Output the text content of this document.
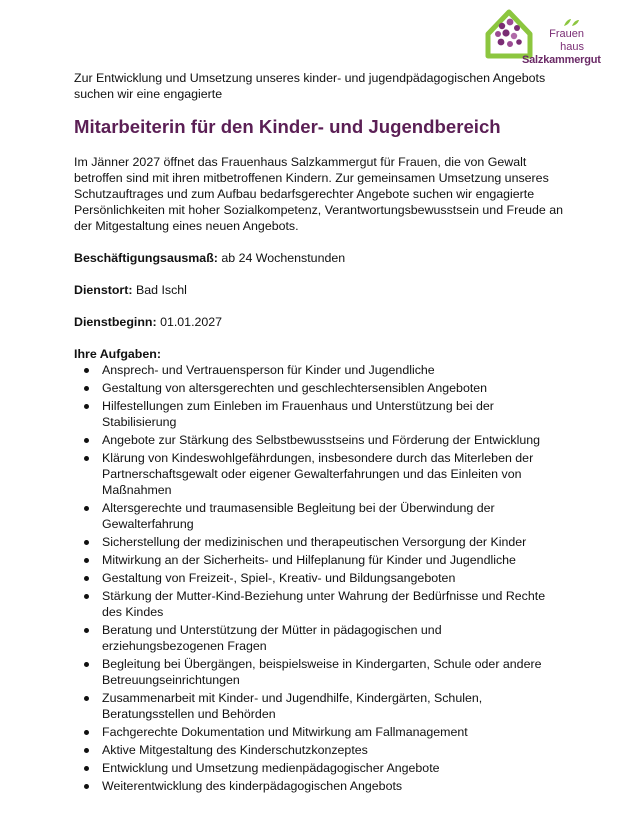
Frauen
haus
Salzkammergut

Zur Entwicklung und Umsetzung unseres kinder- und jugendpädagogischen Angebots suchen wir eine engagierte

Mitarbeiterin für den Kinder- und Jugendbereich

Im Jänner 2027 öffnet das Frauenhaus Salzkammergut für Frauen, die von Gewalt betroffen sind mit ihren mitbetroffenen Kindern. Zur gemeinsamen Umsetzung unseres Schutzauftrages und zum Aufbau bedarfsgerechter Angebote suchen wir engagierte Persönlichkeiten mit hoher Sozialkompetenz, Verantwortungsbewusstsein und Freude an der Mitgestaltung eines neuen Angebots.

Beschäftigungsausmaß: ab 24 Wochenstunden

Dienstort: Bad Ischl

Dienstbeginn: 01.01.2027

Ihre Aufgaben:

Ansprech- und Vertrauensperson für Kinder und Jugendliche
Gestaltung von altersgerechten und geschlechtersensiblen Angeboten
Hilfestellungen zum Einleben im Frauenhaus und Unterstützung bei der Stabilisierung
Angebote zur Stärkung des Selbstbewusstseins und Förderung der Entwicklung
Klärung von Kindeswohlgefährdungen, insbesondere durch das Miterleben der Partnerschaftsgewalt oder eigener Gewalterfahrungen und das Einleiten von Maßnahmen
Altersgerechte und traumasensible Begleitung bei der Überwindung der Gewalterfahrung
Sicherstellung der medizinischen und therapeutischen Versorgung der Kinder
Mitwirkung an der Sicherheits- und Hilfeplanung für Kinder und Jugendliche
Gestaltung von Freizeit-, Spiel-, Kreativ- und Bildungsangeboten
Stärkung der Mutter-Kind-Beziehung unter Wahrung der Bedürfnisse und Rechte des Kindes
Beratung und Unterstützung der Mütter in pädagogischen und erziehungsbezogenen Fragen
Begleitung bei Übergängen, beispielsweise in Kindergarten, Schule oder andere Betreuungseinrichtungen
Zusammenarbeit mit Kinder- und Jugendhilfe, Kindergärten, Schulen, Beratungsstellen und Behörden
Fachgerechte Dokumentation und Mitwirkung am Fallmanagement
Aktive Mitgestaltung des Kinderschutzkonzeptes
Entwicklung und Umsetzung medienpädagogischer Angebote
Weiterentwicklung des kinderpädagogischen Angebots
